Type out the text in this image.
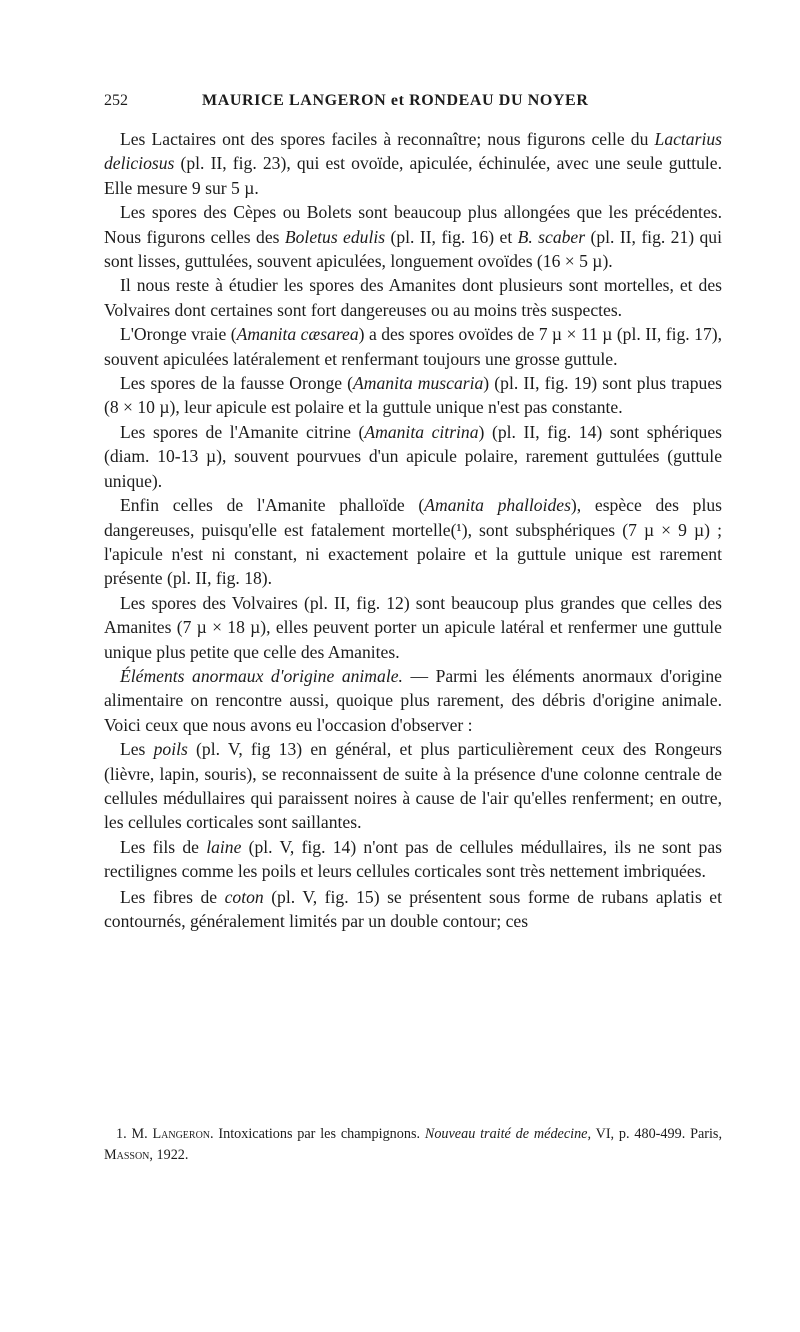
252	MAURICE LANGERON et RONDEAU DU NOYER

Les Lactaires ont des spores faciles à reconnaître; nous figurons celle du Lactarius deliciosus (pl. II, fig. 23), qui est ovoïde, apiculée, échinulée, avec une seule guttule. Elle mesure 9 sur 5 µ.

Les spores des Cèpes ou Bolets sont beaucoup plus allongées que les précédentes. Nous figurons celles des Boletus edulis (pl. II, fig. 16) et B. scaber (pl. II, fig. 21) qui sont lisses, guttulées, souvent apiculées, longuement ovoïdes (16 × 5 µ).

Il nous reste à étudier les spores des Amanites dont plusieurs sont mortelles, et des Volvaires dont certaines sont fort dangereuses ou au moins très suspectes.

L'Oronge vraie (Amanita cæsarea) a des spores ovoïdes de 7 µ × 11 µ (pl. II, fig. 17), souvent apiculées latéralement et renfermant toujours une grosse guttule.

Les spores de la fausse Oronge (Amanita muscaria) (pl. II, fig. 19) sont plus trapues (8 × 10 µ), leur apicule est polaire et la guttule unique n'est pas constante.

Les spores de l'Amanite citrine (Amanita citrina) (pl. II, fig. 14) sont sphériques (diam. 10-13 µ), souvent pourvues d'un apicule polaire, rarement guttulées (guttule unique).

Enfin celles de l'Amanite phalloïde (Amanita phalloides), espèce des plus dangereuses, puisqu'elle est fatalement mortelle(¹), sont subsphériques (7 µ × 9 µ) ; l'apicule n'est ni constant, ni exactement polaire et la guttule unique est rarement présente (pl. II, fig. 18).

Les spores des Volvaires (pl. II, fig. 12) sont beaucoup plus grandes que celles des Amanites (7 µ × 18 µ), elles peuvent porter un apicule latéral et renfermer une guttule unique plus petite que celle des Amanites.

Éléments anormaux d'origine animale. — Parmi les éléments anormaux d'origine alimentaire on rencontre aussi, quoique plus rarement, des débris d'origine animale. Voici ceux que nous avons eu l'occasion d'observer :

Les poils (pl. V, fig 13) en général, et plus particulièrement ceux des Rongeurs (lièvre, lapin, souris), se reconnaissent de suite à la présence d'une colonne centrale de cellules médullaires qui paraissent noires à cause de l'air qu'elles renferment; en outre, les cellules corticales sont saillantes.

Les fils de laine (pl. V, fig. 14) n'ont pas de cellules médullaires, ils ne sont pas rectilignes comme les poils et leurs cellules corticales sont très nettement imbriquées.

Les fibres de coton (pl. V, fig. 15) se présentent sous forme de rubans aplatis et contournés, généralement limités par un double contour; ces

1. M. Langeron. Intoxications par les champignons. Nouveau traité de médecine, VI, p. 480-499. Paris, Masson, 1922.
